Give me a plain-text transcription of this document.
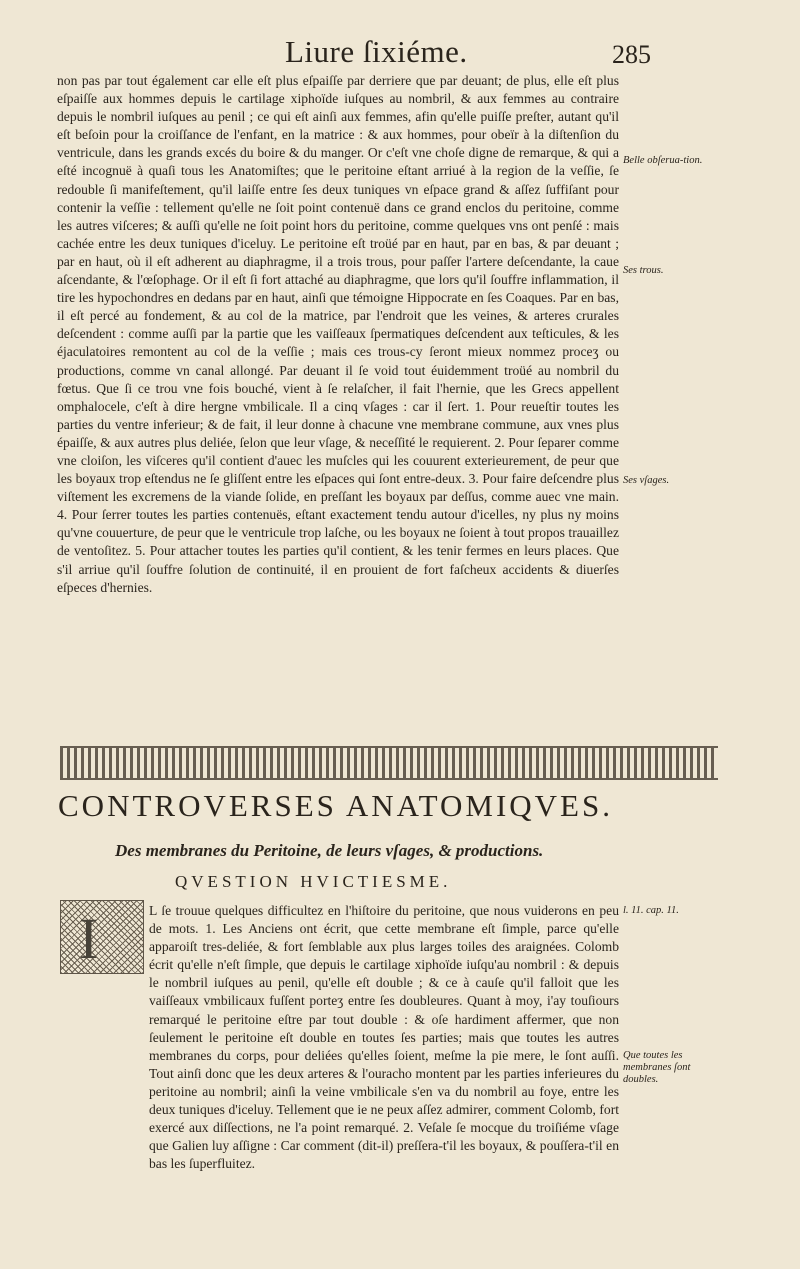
Liure ſixiéme.	285

non pas par tout également car elle eſt plus eſpaiſſe par derriere que par deuant; de plus, elle eſt plus eſpaiſſe aux hommes depuis le cartilage xiphoïde iuſques au nombril, & aux femmes au contraire depuis le nombril iuſques au penil ; ce qui eſt ainſi aux femmes, afin qu'elle puiſſe preſter, autant qu'il eſt beſoin pour la croiſſance de l'enfant, en la matrice : & aux hommes, pour obeïr à la diſtenſion du ventricule, dans les grands excés du boire & du manger. Or c'eſt vne choſe digne de remarque, & qui a eſté incognuë à quaſi tous les Anatomiſtes; que le peritoine eſtant arriué à la region de la veſſie, ſe redouble ſi manifeſtement, qu'il laiſſe entre ſes deux tuniques vn eſpace grand & aſſez ſuffiſant pour contenir la veſſie : tellement qu'elle ne ſoit point contenuë dans ce grand enclos du peritoine, comme les autres viſceres; & auſſi qu'elle ne ſoit point hors du peritoine, comme quelques vns ont penſé : mais cachée entre les deux tuniques d'iceluy. Le peritoine eſt troüé par en haut, par en bas, & par deuant ; par en haut, où il eſt adherent au diaphragme, il a trois trous, pour paſſer l'artere deſcendante, la caue aſcendante, & l'œſophage. Or il eſt ſi fort attaché au diaphragme, que lors qu'il ſouffre inflammation, il tire les hypochondres en dedans par en haut, ainſi que témoigne Hippocrate en ſes Coaques. Par en bas, il eſt percé au fondement, & au col de la matrice, par l'endroit que les veines, & arteres crurales deſcendent : comme auſſi par la partie que les vaiſſeaux ſpermatiques deſcendent aux teſticules, & les éjaculatoires remontent au col de la veſſie ; mais ces trous-cy ſeront mieux nommez proceʒ ou productions, comme vn canal allongé. Par deuant il ſe void tout éuidemment troüé au nombril du fœtus. Que ſi ce trou vne fois bouché, vient à ſe relaſcher, il fait l'hernie, que les Grecs appellent omphalocele, c'eſt à dire hergne vmbilicale. Il a cinq vſages : car il ſert. 1. Pour reueſtir toutes les parties du ventre inferieur; & de fait, il leur donne à chacune vne membrane commune, aux vnes plus épaiſſe, & aux autres plus deliée, ſelon que leur vſage, & neceſſité le requierent. 2. Pour ſeparer comme vne cloiſon, les viſceres qu'il contient d'auec les muſcles qui les couurent exterieurement, de peur que les boyaux trop eſtendus ne ſe gliſſent entre les eſpaces qui ſont entre-deux. 3. Pour faire deſcendre plus viſtement les excremens de la viande ſolide, en preſſant les boyaux par deſſus, comme auec vne main. 4. Pour ſerrer toutes les parties contenuës, eſtant exactement tendu autour d'icelles, ny plus ny moins qu'vne couuerture, de peur que le ventricule trop laſche, ou les boyaux ne ſoient à tout propos trauaillez de ventoſitez. 5. Pour attacher toutes les parties qu'il contient, & les tenir fermes en leurs places. Que s'il arriue qu'il ſouffre ſolution de continuité, il en prouient de fort faſcheux accidents & diuerſes eſpeces d'hernies.

Belle obſerua-tion.
Ses trous.
Ses vſages.
CONTROVERSES ANATOMIQVES.
Des membranes du Peritoine, de leurs vſages, & productions.
QVESTION HVICTIESME.
I	L ſe trouue quelques difficultez en l'hiſtoire du peritoine, que nous vuiderons en peu de mots. 1. Les Anciens ont écrit, que cette membrane eſt ſimple, parce qu'elle apparoiſt tres-deliée, & fort ſemblable aux plus larges toiles des araignées. Colomb écrit qu'elle n'eſt ſimple, que depuis le cartilage xiphoïde iuſqu'au nombril : & depuis le nombril iuſques au penil, qu'elle eſt double ; & ce à cauſe qu'il falloit que les vaiſſeaux vmbilicaux fuſſent porteʒ entre ſes doubleures. Quant à moy, i'ay touſiours remarqué le peritoine eſtre par tout double : & oſe hardiment affermer, que non ſeulement le peritoine eſt double en toutes ſes parties; mais que toutes les autres membranes du corps, pour deliées qu'elles ſoient, meſme la pie mere, le ſont auſſi. Tout ainſi donc que les deux arteres & l'ouracho montent par les parties inferieures du peritoine au nombril; ainſi la veine vmbilicale s'en va du nombril au foye, entre les deux tuniques d'iceluy. Tellement que ie ne peux aſſez admirer, comment Colomb, fort exercé aux diſſections, ne l'a point remarqué. 2. Veſale ſe mocque du troiſiéme vſage que Galien luy aſſigne : Car comment (dit-il) preſſera-t'il les boyaux, & pouſſera-t'il en bas les ſuperfluitez.
l. 11. cap. 11.
Que toutes les membranes ſont doubles.
